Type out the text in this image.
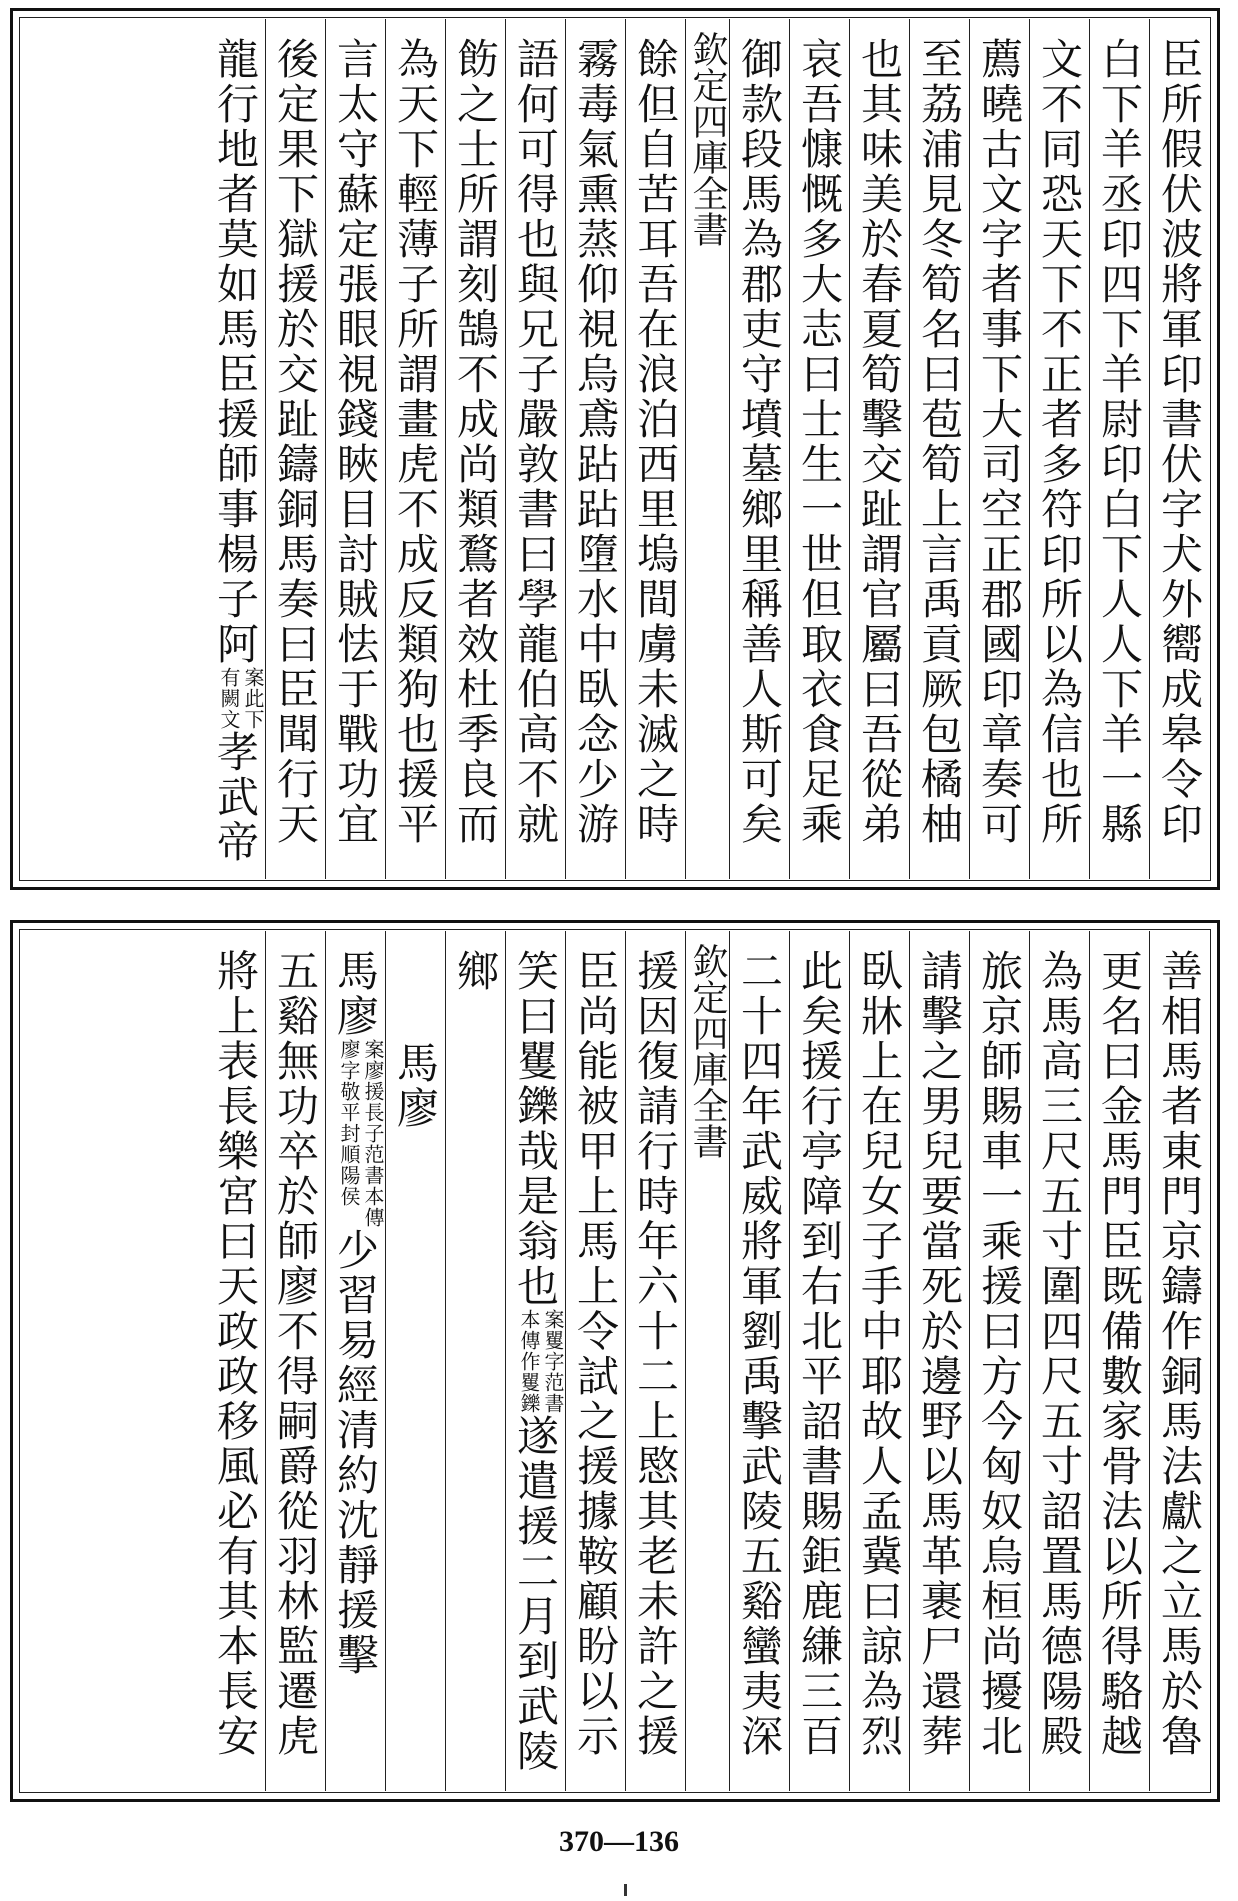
臣所假伏波將軍印書伏字犬外嚮成皋令印
白下羊丞印四下羊尉印白下人人下羊一縣
文不同恐天下不正者多符印所以為信也所
薦曉古文字者事下大司空正郡國印章奏可
至荔浦見冬筍名曰苞筍上言禹貢厥包橘柚
也其味美於春夏筍擊交趾謂官屬曰吾從弟
哀吾慷慨多大志曰士生一世但取衣食足乘
御款段馬為郡吏守墳墓鄉里稱善人斯可矣
欽定四庫全書
餘但自苦耳吾在浪泊西里塢間虜未滅之時
霧毒氣熏蒸仰視烏鳶跕跕墮水中臥念少游
語何可得也與兄子嚴敦書曰學龍伯高不就
飭之士所謂刻鵠不成尚類鶩者效杜季良而
為天下輕薄子所謂畫虎不成反類狗也援平
言太守蘇定張眼視錢䀹目討賊怯于戰功宜
後定果下獄援於交趾鑄銅馬奏曰臣聞行天
龍行地者莫如馬臣援師事楊子阿案此下
有闕文孝武帝
善相馬者東門京鑄作銅馬法獻之立馬於魯
更名曰金馬門臣既備數家骨法以所得駱越
為馬高三尺五寸圍四尺五寸詔置馬德陽殿
旅京師賜車一乘援曰方今匈奴烏桓尚擾北
請擊之男兒要當死於邊野以馬革裹尸還葬
臥牀上在兒女子手中耶故人孟冀曰諒為烈
此矣援行亭障到右北平詔書賜鉅鹿縑三百
二十四年武威將軍劉禹擊武陵五谿蠻夷深
欽定四庫全書
援因復請行時年六十二上愍其老未許之援
臣尚能被甲上馬上令試之援據鞍顧盼以示
笑曰矍鑠哉是翁也案矍字范書
本傳作矍鑠遂遣援二月到武陵
鄉
馬廖
馬廖案廖援長子范書本傳
廖字敬平封順陽侯少習易經清約沈靜援擊
五谿無功卒於師廖不得嗣爵從羽林監遷虎
將上表長樂宮曰天政政移風必有其本長安
370—136
